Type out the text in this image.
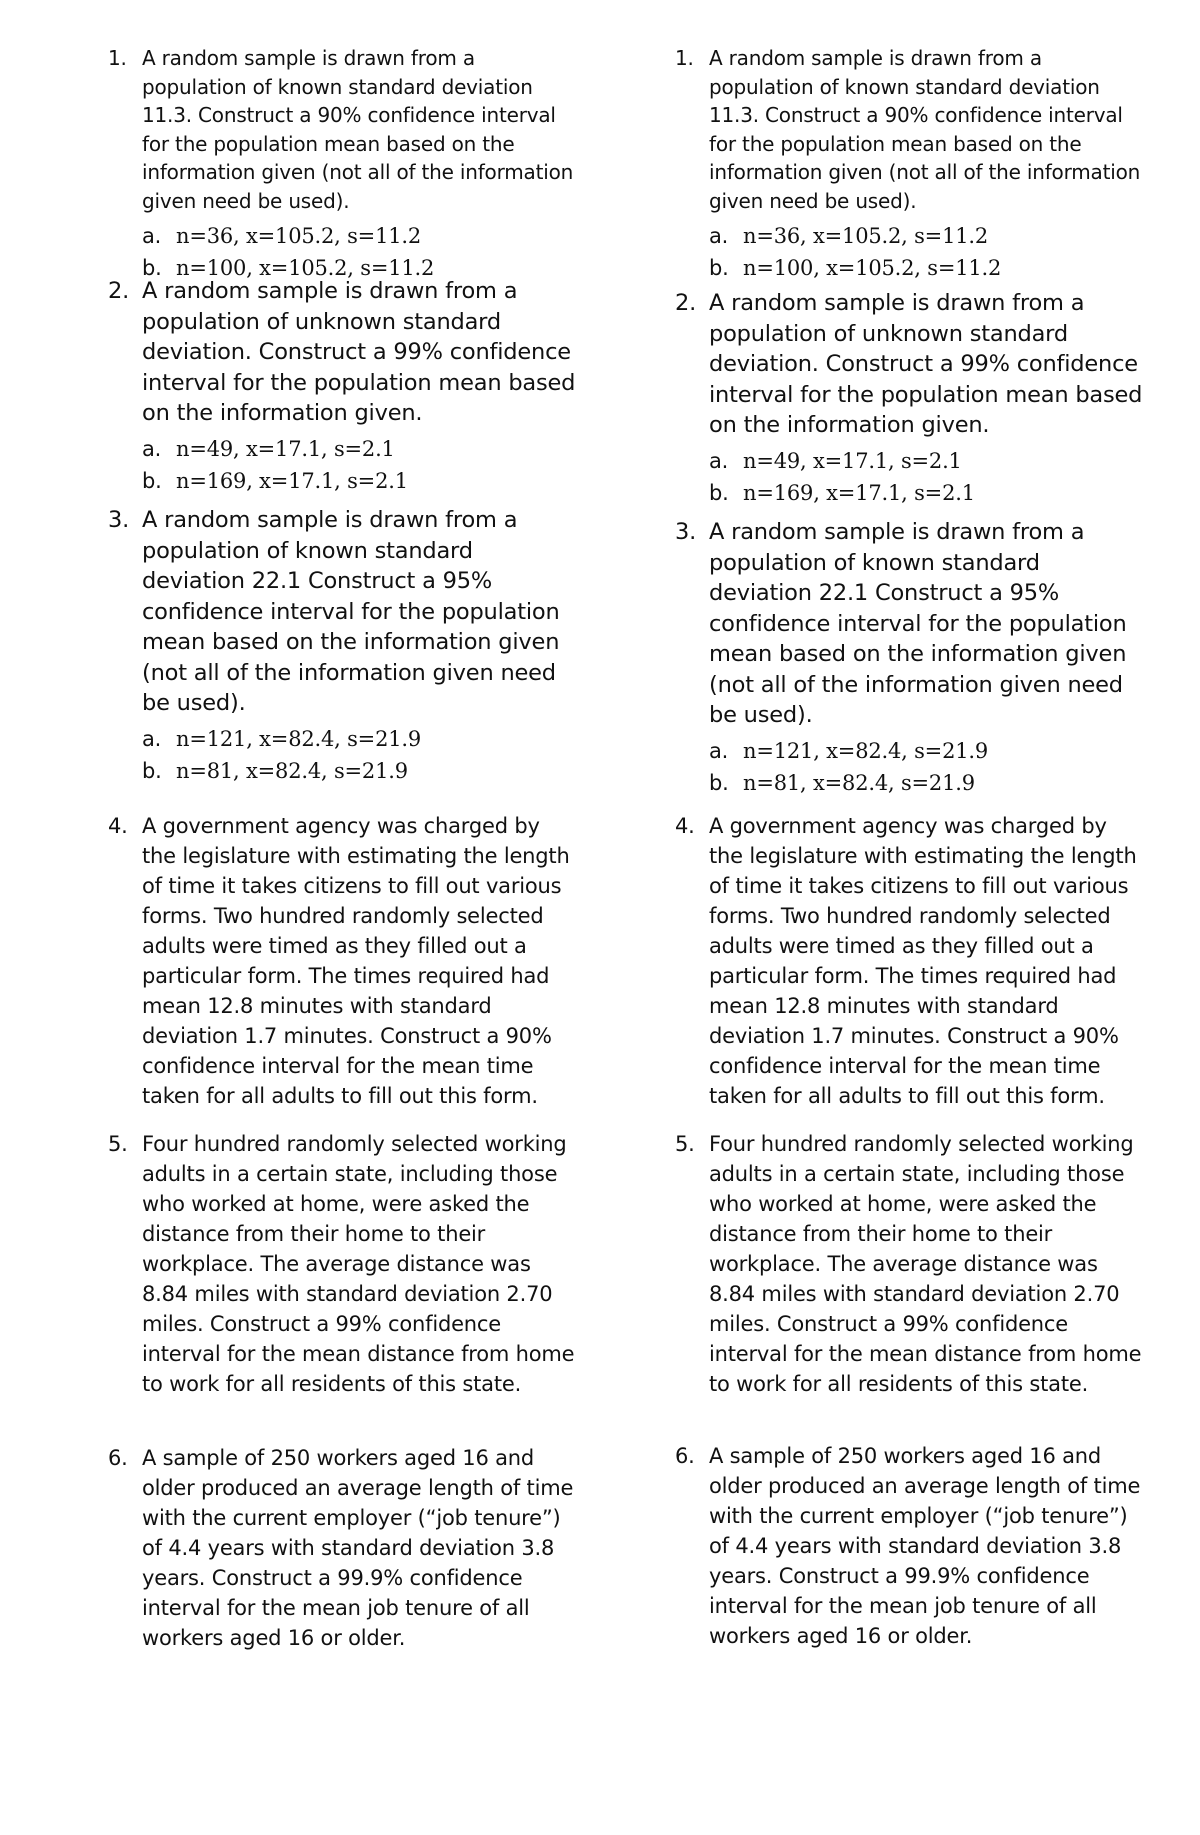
1. A random sample is drawn from a population of known standard deviation 11.3. Construct a 90% confidence interval for the population mean based on the information given (not all of the information given need be used).
a. n=36, x=105.2, s=11.2
b. n=100, x=105.2, s=11.2
2. A random sample is drawn from a population of unknown standard deviation. Construct a 99% confidence interval for the population mean based on the information given.
a. n=49, x=17.1, s=2.1
b. n=169, x=17.1, s=2.1
3. A random sample is drawn from a population of known standard deviation 22.1 Construct a 95% confidence interval for the population mean based on the information given (not all of the information given need be used).
a. n=121, x=82.4, s=21.9
b. n=81, x=82.4, s=21.9
4. A government agency was charged by the legislature with estimating the length of time it takes citizens to fill out various forms. Two hundred randomly selected adults were timed as they filled out a particular form. The times required had mean 12.8 minutes with standard deviation 1.7 minutes. Construct a 90% confidence interval for the mean time taken for all adults to fill out this form.
5. Four hundred randomly selected working adults in a certain state, including those who worked at home, were asked the distance from their home to their workplace. The average distance was 8.84 miles with standard deviation 2.70 miles. Construct a 99% confidence interval for the mean distance from home to work for all residents of this state.
6. A sample of 250 workers aged 16 and older produced an average length of time with the current employer (“job tenure”) of 4.4 years with standard deviation 3.8 years. Construct a 99.9% confidence interval for the mean job tenure of all workers aged 16 or older.
1. A random sample is drawn from a population of known standard deviation 11.3. Construct a 90% confidence interval for the population mean based on the information given (not all of the information given need be used).
a. n=36, x=105.2, s=11.2
b. n=100, x=105.2, s=11.2
2. A random sample is drawn from a population of unknown standard deviation. Construct a 99% confidence interval for the population mean based on the information given.
a. n=49, x=17.1, s=2.1
b. n=169, x=17.1, s=2.1
3. A random sample is drawn from a population of known standard deviation 22.1 Construct a 95% confidence interval for the population mean based on the information given (not all of the information given need be used).
a. n=121, x=82.4, s=21.9
b. n=81, x=82.4, s=21.9
4. A government agency was charged by the legislature with estimating the length of time it takes citizens to fill out various forms. Two hundred randomly selected adults were timed as they filled out a particular form. The times required had mean 12.8 minutes with standard deviation 1.7 minutes. Construct a 90% confidence interval for the mean time taken for all adults to fill out this form.
5. Four hundred randomly selected working adults in a certain state, including those who worked at home, were asked the distance from their home to their workplace. The average distance was 8.84 miles with standard deviation 2.70 miles. Construct a 99% confidence interval for the mean distance from home to work for all residents of this state.
6. A sample of 250 workers aged 16 and older produced an average length of time with the current employer (“job tenure”) of 4.4 years with standard deviation 3.8 years. Construct a 99.9% confidence interval for the mean job tenure of all workers aged 16 or older.
